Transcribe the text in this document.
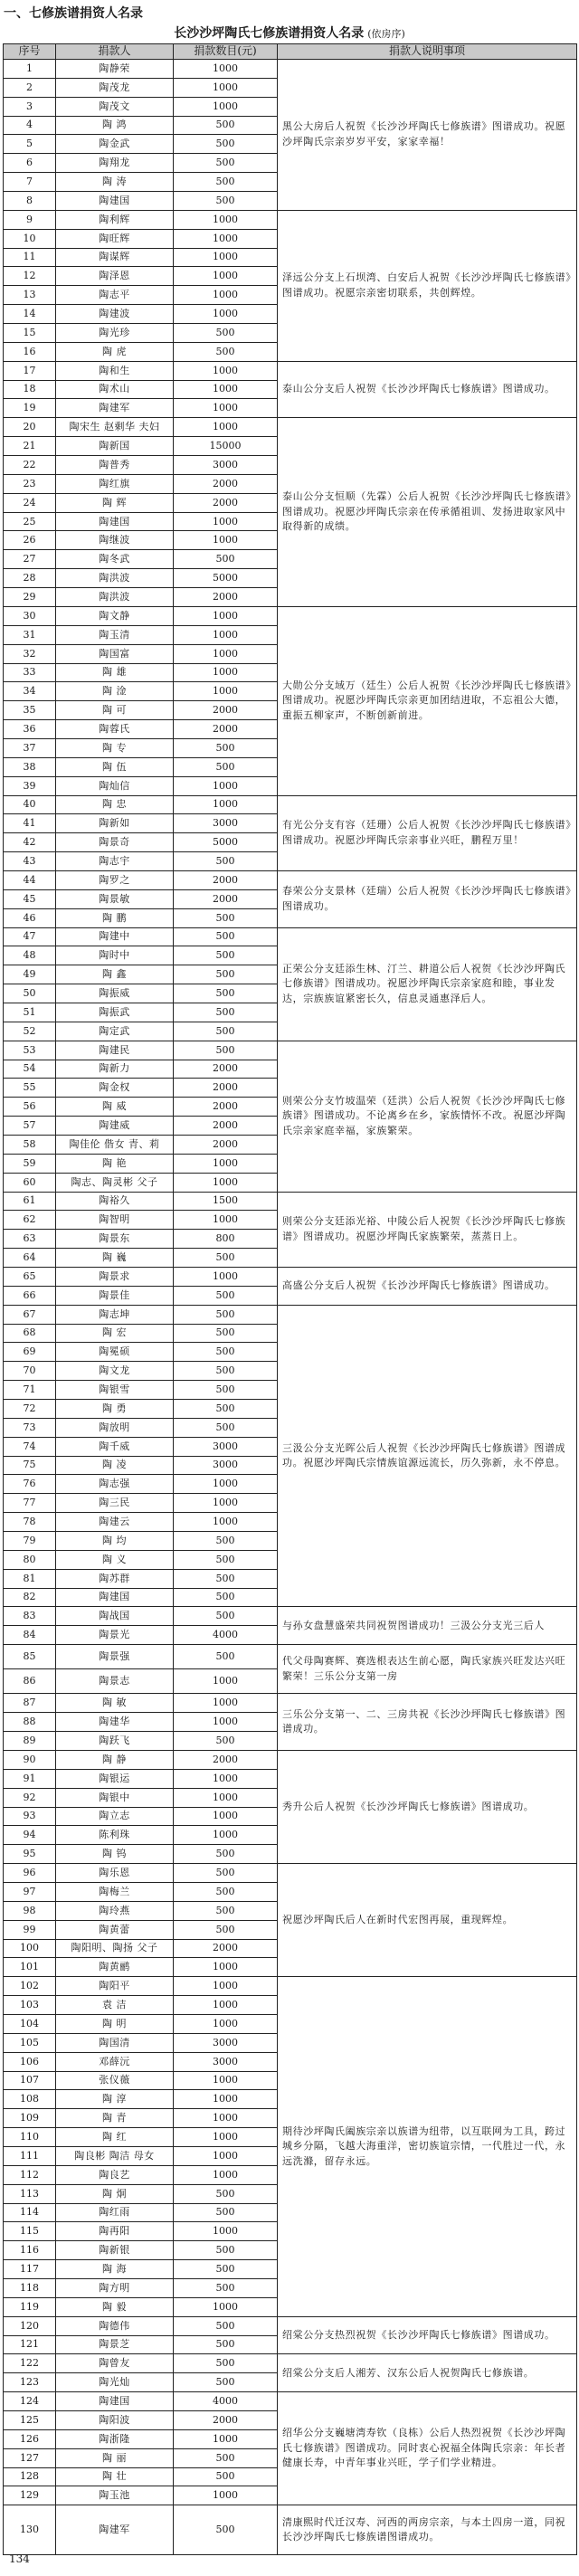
一、七修族谱捐资人名录
长沙沙坪陶氏七修族谱捐资人名录 (依房序)
序号	捐款人	捐款数目(元)	捐款人说明事项
1	陶静荣	1000	黑公大房后人祝贺《长沙沙坪陶氏七修族谱》图谱成功。祝愿沙坪陶氏宗亲岁岁平安，家家幸福！
2	陶茂龙	1000	
3	陶茂文	1000	
4	陶 鸿	500	
5	陶金武	500	
6	陶翔龙	500	
7	陶 涛	500	
8	陶建国	500	
9	陶利辉	1000	泽远公分支上石坝湾、白安后人祝贺《长沙沙坪陶氏七修族谱》图谱成功。祝愿宗亲密切联系，共创辉煌。
10	陶旺辉	1000	
11	陶谋辉	1000	
12	陶泽恩	1000	
13	陶志平	1000	
14	陶建波	1000	
15	陶光珍	500	
16	陶 虎	500	
17	陶和生	1000	泰山公分支后人祝贺《长沙沙坪陶氏七修族谱》图谱成功。
18	陶术山	1000	
19	陶建军	1000	
20	陶宋生 赵剩华 夫妇	1000	泰山公分支恒顺（先霖）公后人祝贺《长沙沙坪陶氏七修族谱》图谱成功。祝愿沙坪陶氏宗亲在传承循祖训、发扬进取家风中取得新的成绩。
21	陶新国	15000	
22	陶普秀	3000	
23	陶红旗	2000	
24	陶 辉	2000	
25	陶建国	1000	
26	陶继波	1000	
27	陶冬武	500	
28	陶洪波	5000	
29	陶洪波	2000	
30	陶文静	1000	大勋公分支域万（廷生）公后人祝贺《长沙沙坪陶氏七修族谱》图谱成功。祝愿沙坪陶氏宗亲更加团结进取，不忘祖公大德，重振五柳家声，不断创新前进。
31	陶玉清	1000	
32	陶国富	1000	
33	陶 雄	1000	
34	陶 淦	1000	
35	陶 可	2000	
36	陶蓉氏	2000	
37	陶 专	500	
38	陶 伍	500	
39	陶灿信	1000	
40	陶 忠	1000	有光公分支有容（廷珊）公后人祝贺《长沙沙坪陶氏七修族谱》图谱成功。祝愿沙坪陶氏宗亲事业兴旺，鹏程万里！
41	陶新如	3000	
42	陶景奇	5000	
43	陶志宇	500	
44	陶罗之	2000	春荣公分支景林（廷瑞）公后人祝贺《长沙沙坪陶氏七修族谱》图谱成功。
45	陶景敏	2000	
46	陶 鹏	500	
47	陶建中	500	正荣公分支廷添生林、汀兰、耕道公后人祝贺《长沙沙坪陶氏七修族谱》图谱成功。祝愿沙坪陶氏宗亲家庭和睦，事业发达，宗族族谊紧密长久，信息灵通惠泽后人。
48	陶时中	500	
49	陶 鑫	500	
50	陶振威	500	
51	陶振武	500	
52	陶定武	500	
53	陶建民	500	则荣公分支竹坡温荣（廷洪）公后人祝贺《长沙沙坪陶氏七修族谱》图谱成功。不论离乡在乡，家族情怀不改。祝愿沙坪陶氏宗亲家庭幸福，家族繁荣。
54	陶新力	2000	
55	陶金权	2000	
56	陶 威	2000	
57	陶建威	2000	
58	陶佳伦 偕女 青、莉	2000	
59	陶 艳	1000	
60	陶志、陶灵彬 父子	1000	
61	陶裕久	1500	则荣公分支廷添光裕、中陵公后人祝贺《长沙沙坪陶氏七修族谱》图谱成功。祝愿沙坪陶氏家族繁荣，蒸蒸日上。
62	陶智明	1000	
63	陶景东	800	
64	陶 巍	500	
65	陶景求	1000	高盛公分支后人祝贺《长沙沙坪陶氏七修族谱》图谱成功。
66	陶景佳	500	
67	陶志坤	500	三汲公分支光晖公后人祝贺《长沙沙坪陶氏七修族谱》图谱成功。祝愿沙坪陶氏宗情族谊源远流长，历久弥新，永不停息。
68	陶 宏	500	
69	陶冕硕	500	
70	陶文龙	500	
71	陶银雪	500	
72	陶 勇	500	
73	陶放明	500	
74	陶千威	3000	
75	陶 凌	3000	
76	陶志强	1000	
77	陶三民	1000	
78	陶建云	1000	
79	陶 均	500	
80	陶 义	500	
81	陶苏群	500	
82	陶建国	500	
83	陶战国	500	与孙女盘慧盛荣共同祝贺图谱成功！三汲公分支光三后人
84	陶景光	4000	
85	陶景强	500	代父母陶赛辉、赛选根表达生前心愿，陶氏家族兴旺发达兴旺繁荣！三乐公分支第一房
86	陶景志	1000	
87	陶 敏	1000	三乐公分支第一、二、三房共祝《长沙沙坪陶氏七修族谱》图谱成功。
88	陶建华	1000	
89	陶跃飞	500	
90	陶 静	2000	秀升公后人祝贺《长沙沙坪陶氏七修族谱》图谱成功。
91	陶银运	1000	
92	陶银中	1000	
93	陶立志	1000	
94	陈利珠	1000	
95	陶 钨	500	
96	陶乐恩	500	祝愿沙坪陶氏后人在新时代宏图再展，重现辉煌。
97	陶梅兰	500	
98	陶玲燕	500	
99	陶黄蕾	500	
100	陶阳明、陶扬 父子	2000	
101	陶黄鹂	1000	
102	陶阳平	1000	期待沙坪陶氏阖族宗亲以族谱为纽带，以互联网为工具，跨过城乡分隔，飞越大海重洋，密切族谊宗情，一代胜过一代，永远洗滌，留存永远。
103	袁 洁	1000	
104	陶 明	1000	
105	陶国清	3000	
106	邓薛沅	3000	
107	张仪薇	1000	
108	陶 淳	1000	
109	陶 青	1000	
110	陶 红	1000	
111	陶良彬 陶洁 母女	1000	
112	陶良艺	1000	
113	陶 炯	500	
114	陶红雨	500	
115	陶再阳	1000	
116	陶新银	500	
117	陶 海	500	
118	陶方明	500	
119	陶 毅	1000	
120	陶德伟	500	绍棠公分支热烈祝贺《长沙沙坪陶氏七修族谱》图谱成功。
121	陶景芝	500	
122	陶曾友	500	绍棠公分支后人湘芳、汉东公后人祝贺陶氏七修族谱。
123	陶光灿	500	
124	陶建国	4000	绍华公分支巍塘湾寿钦（良栋）公后人热烈祝贺《长沙沙坪陶氏七修族谱》图谱成功。同时衷心祝福全体陶氏宗亲：年长者健康长寿，中青年事业兴旺，学子们学业精进。
125	陶阳波	2000	
126	陶浙隆	1000	
127	陶 丽	500	
128	陶 壮	500	
129	陶玉池	1000	
130	陶建军	500	清康熙时代迁汉寿、河西的两房宗亲，与本土四房一道，同祝长沙沙坪陶氏七修族谱图谱成功。
134
